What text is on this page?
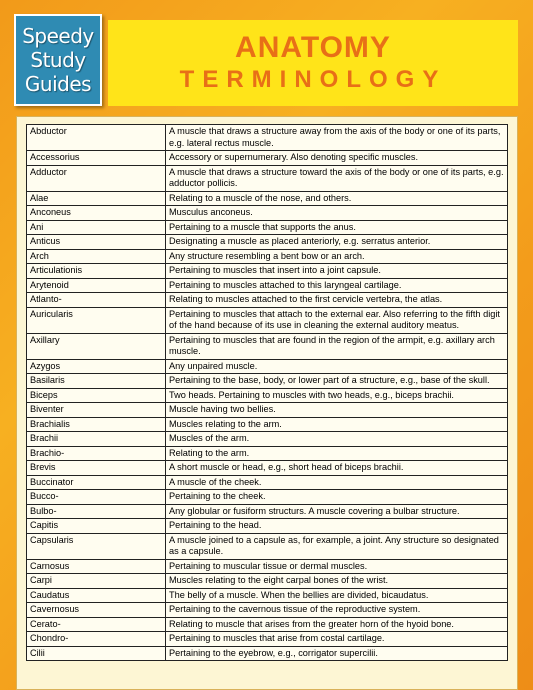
Speedy
Study
Guides
ANATOMY
TERMINOLOGY
Abductor	A muscle that draws a structure away from the axis of the body or one of its parts, e.g. lateral rectus muscle.
Accessorius	Accessory or supernumerary. Also denoting specific muscles.
Adductor	A muscle that draws a structure toward the axis of the body or one of its parts, e.g. adductor pollicis.
Alae	Relating to a muscle of the nose, and others.
Anconeus	Musculus anconeus.
Ani	Pertaining to a muscle that supports the anus.
Anticus	Designating a muscle as placed anteriorly, e.g. serratus anterior.
Arch	Any structure resembling a bent bow or an arch.
Articulationis	Pertaining to muscles that insert into a joint capsule.
Arytenoid	Pertaining to muscles attached to this laryngeal cartilage.
Atlanto-	Relating to muscles attached to the first cervicle vertebra, the atlas.
Auricularis	Pertaining to muscles that attach to the external ear. Also referring to the fifth digit of the hand because of its use in cleaning the external auditory meatus.
Axillary	Pertaining to muscles that are found in the region of the armpit, e.g. axillary arch muscle.
Azygos	Any unpaired muscle.
Basilaris	Pertaining to the base, body, or lower part of a structure, e.g., base of the skull.
Biceps	Two heads. Pertaining to muscles with two heads, e.g., biceps brachii.
Biventer	Muscle having two bellies.
Brachialis	Muscles relating to the arm.
Brachii	Muscles of the arm.
Brachio-	Relating to the arm.
Brevis	A short muscle or head, e.g., short head of biceps brachii.
Buccinator	A muscle of the cheek.
Bucco-	Pertaining to the cheek.
Bulbo-	Any globular or fusiform structurs. A muscle covering a bulbar structure.
Capitis	Pertaining to the head.
Capsularis	A muscle joined to a capsule as, for example, a joint. Any structure so designated as a capsule.
Carnosus	Pertaining to muscular tissue or dermal muscles.
Carpi	Muscles relating to the eight carpal bones of the wrist.
Caudatus	The belly of a muscle. When the bellies are divided, bicaudatus.
Cavernosus	Pertaining to the cavernous tissue of the reproductive system.
Cerato-	Relating to muscle that arises from the greater horn of the hyoid bone.
Chondro-	Pertaining to muscles that arise from costal cartilage.
Cilii	Pertaining to the eyebrow, e.g., corrigator supercilii.
